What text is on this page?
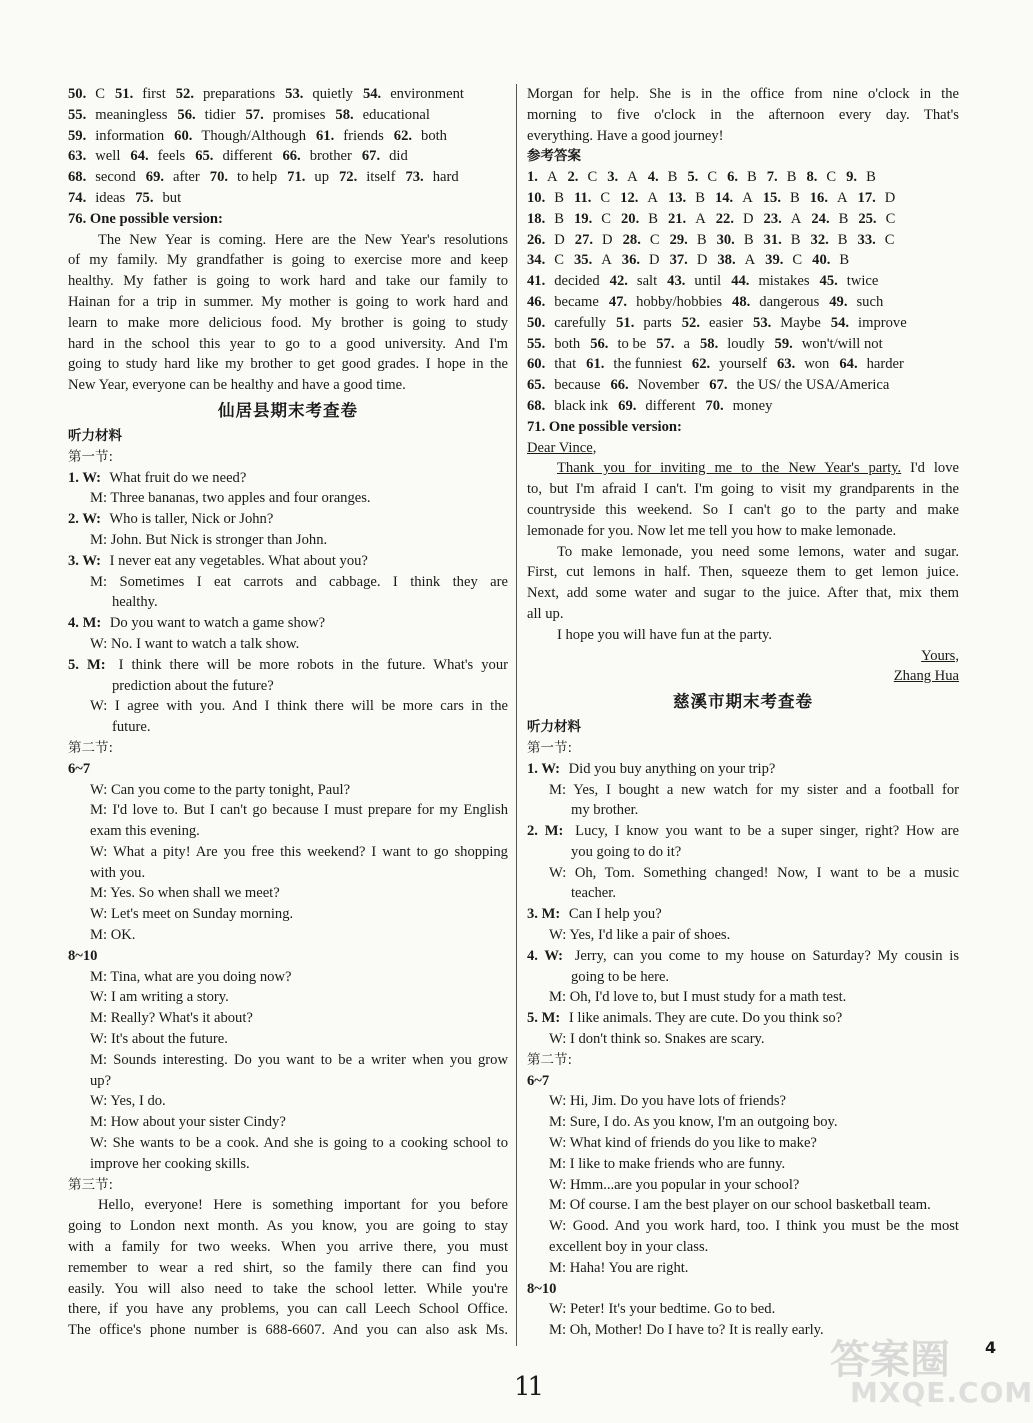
50. C 51. first 52. preparations 53. quietly 54. environment
55. meaningless 56. tidier 57. promises 58. educational
59. information 60. Though/Although 61. friends 62. both
63. well 64. feels 65. different 66. brother 67. did
68. second 69. after 70. to help 71. up 72. itself 73. hard
74. ideas 75. but
76. One possible version:
The New Year is coming. Here are the New Year's resolutions
of my family. My grandfather is going to exercise more and keep
healthy. My father is going to work hard and take our family to
Hainan for a trip in summer. My mother is going to work hard and
learn to make more delicious food. My brother is going to study
hard in the school this year to go to a good university. And I'm
going to study hard like my brother to get good grades. I hope in the
New Year, everyone can be healthy and have a good time.
仙居县期末考查卷
听力材料
第一节:
1. W: What fruit do we need?
M: Three bananas, two apples and four oranges.
2. W: Who is taller, Nick or John?
M: John. But Nick is stronger than John.
3. W: I never eat any vegetables. What about you?
M: Sometimes I eat carrots and cabbage. I think they are
healthy.
4. M: Do you want to watch a game show?
W: No. I want to watch a talk show.
5. M: I think there will be more robots in the future. What's your
prediction about the future?
W: I agree with you. And I think there will be more cars in the
future.
第二节:
6~7
W: Can you come to the party tonight, Paul?
M: I'd love to. But I can't go because I must prepare for my English
exam this evening.
W: What a pity! Are you free this weekend? I want to go shopping
with you.
M: Yes. So when shall we meet?
W: Let's meet on Sunday morning.
M: OK.
8~10
M: Tina, what are you doing now?
W: I am writing a story.
M: Really? What's it about?
W: It's about the future.
M: Sounds interesting. Do you want to be a writer when you grow
up?
W: Yes, I do.
M: How about your sister Cindy?
W: She wants to be a cook. And she is going to a cooking school to
improve her cooking skills.
第三节:
Hello, everyone! Here is something important for you before
going to London next month. As you know, you are going to stay
with a family for two weeks. When you arrive there, you must
remember to wear a red shirt, so the family there can find you
easily. You will also need to take the school letter. While you're
there, if you have any problems, you can call Leech School Office.
The office's phone number is 688-6607. And you can also ask Ms.
Morgan for help. She is in the office from nine o'clock in the
morning to five o'clock in the afternoon every day. That's
everything. Have a good journey!
参考答案
1. A 2. C 3. A 4. B 5. C 6. B 7. B 8. C 9. B
10. B 11. C 12. A 13. B 14. A 15. B 16. A 17. D
18. B 19. C 20. B 21. A 22. D 23. A 24. B 25. C
26. D 27. D 28. C 29. B 30. B 31. B 32. B 33. C
34. C 35. A 36. D 37. D 38. A 39. C 40. B
41. decided 42. salt 43. until 44. mistakes 45. twice
46. became 47. hobby/hobbies 48. dangerous 49. such
50. carefully 51. parts 52. easier 53. Maybe 54. improve
55. both 56. to be 57. a 58. loudly 59. won't/will not
60. that 61. the funniest 62. yourself 63. won 64. harder
65. because 66. November 67. the US/ the USA/America
68. black ink 69. different 70. money
71. One possible version:
Dear Vince,
Thank you for inviting me to the New Year's party. I'd love
to, but I'm afraid I can't. I'm going to visit my grandparents in the
countryside this weekend. So I can't go to the party and make
lemonade for you. Now let me tell you how to make lemonade.
To make lemonade, you need some lemons, water and sugar.
First, cut lemons in half. Then, squeeze them to get lemon juice.
Next, add some water and sugar to the juice. After that, mix them
all up.
I hope you will have fun at the party.
Yours,
Zhang Hua
慈溪市期末考查卷
听力材料
第一节:
1. W: Did you buy anything on your trip?
M: Yes, I bought a new watch for my sister and a football for
my brother.
2. M: Lucy, I know you want to be a super singer, right? How are
you going to do it?
W: Oh, Tom. Something changed! Now, I want to be a music
teacher.
3. M: Can I help you?
W: Yes, I'd like a pair of shoes.
4. W: Jerry, can you come to my house on Saturday? My cousin is
going to be here.
M: Oh, I'd love to, but I must study for a math test.
5. M: I like animals. They are cute. Do you think so?
W: I don't think so. Snakes are scary.
第二节:
6~7
W: Hi, Jim. Do you have lots of friends?
M: Sure, I do. As you know, I'm an outgoing boy.
W: What kind of friends do you like to make?
M: I like to make friends who are funny.
W: Hmm...are you popular in your school?
M: Of course. I am the best player on our school basketball team.
W: Good. And you work hard, too. I think you must be the most
excellent boy in your class.
M: Haha! You are right.
8~10
W: Peter! It's your bedtime. Go to bed.
M: Oh, Mother! Do I have to? It is really early.
11
4
答案圈
MXQE.COM
